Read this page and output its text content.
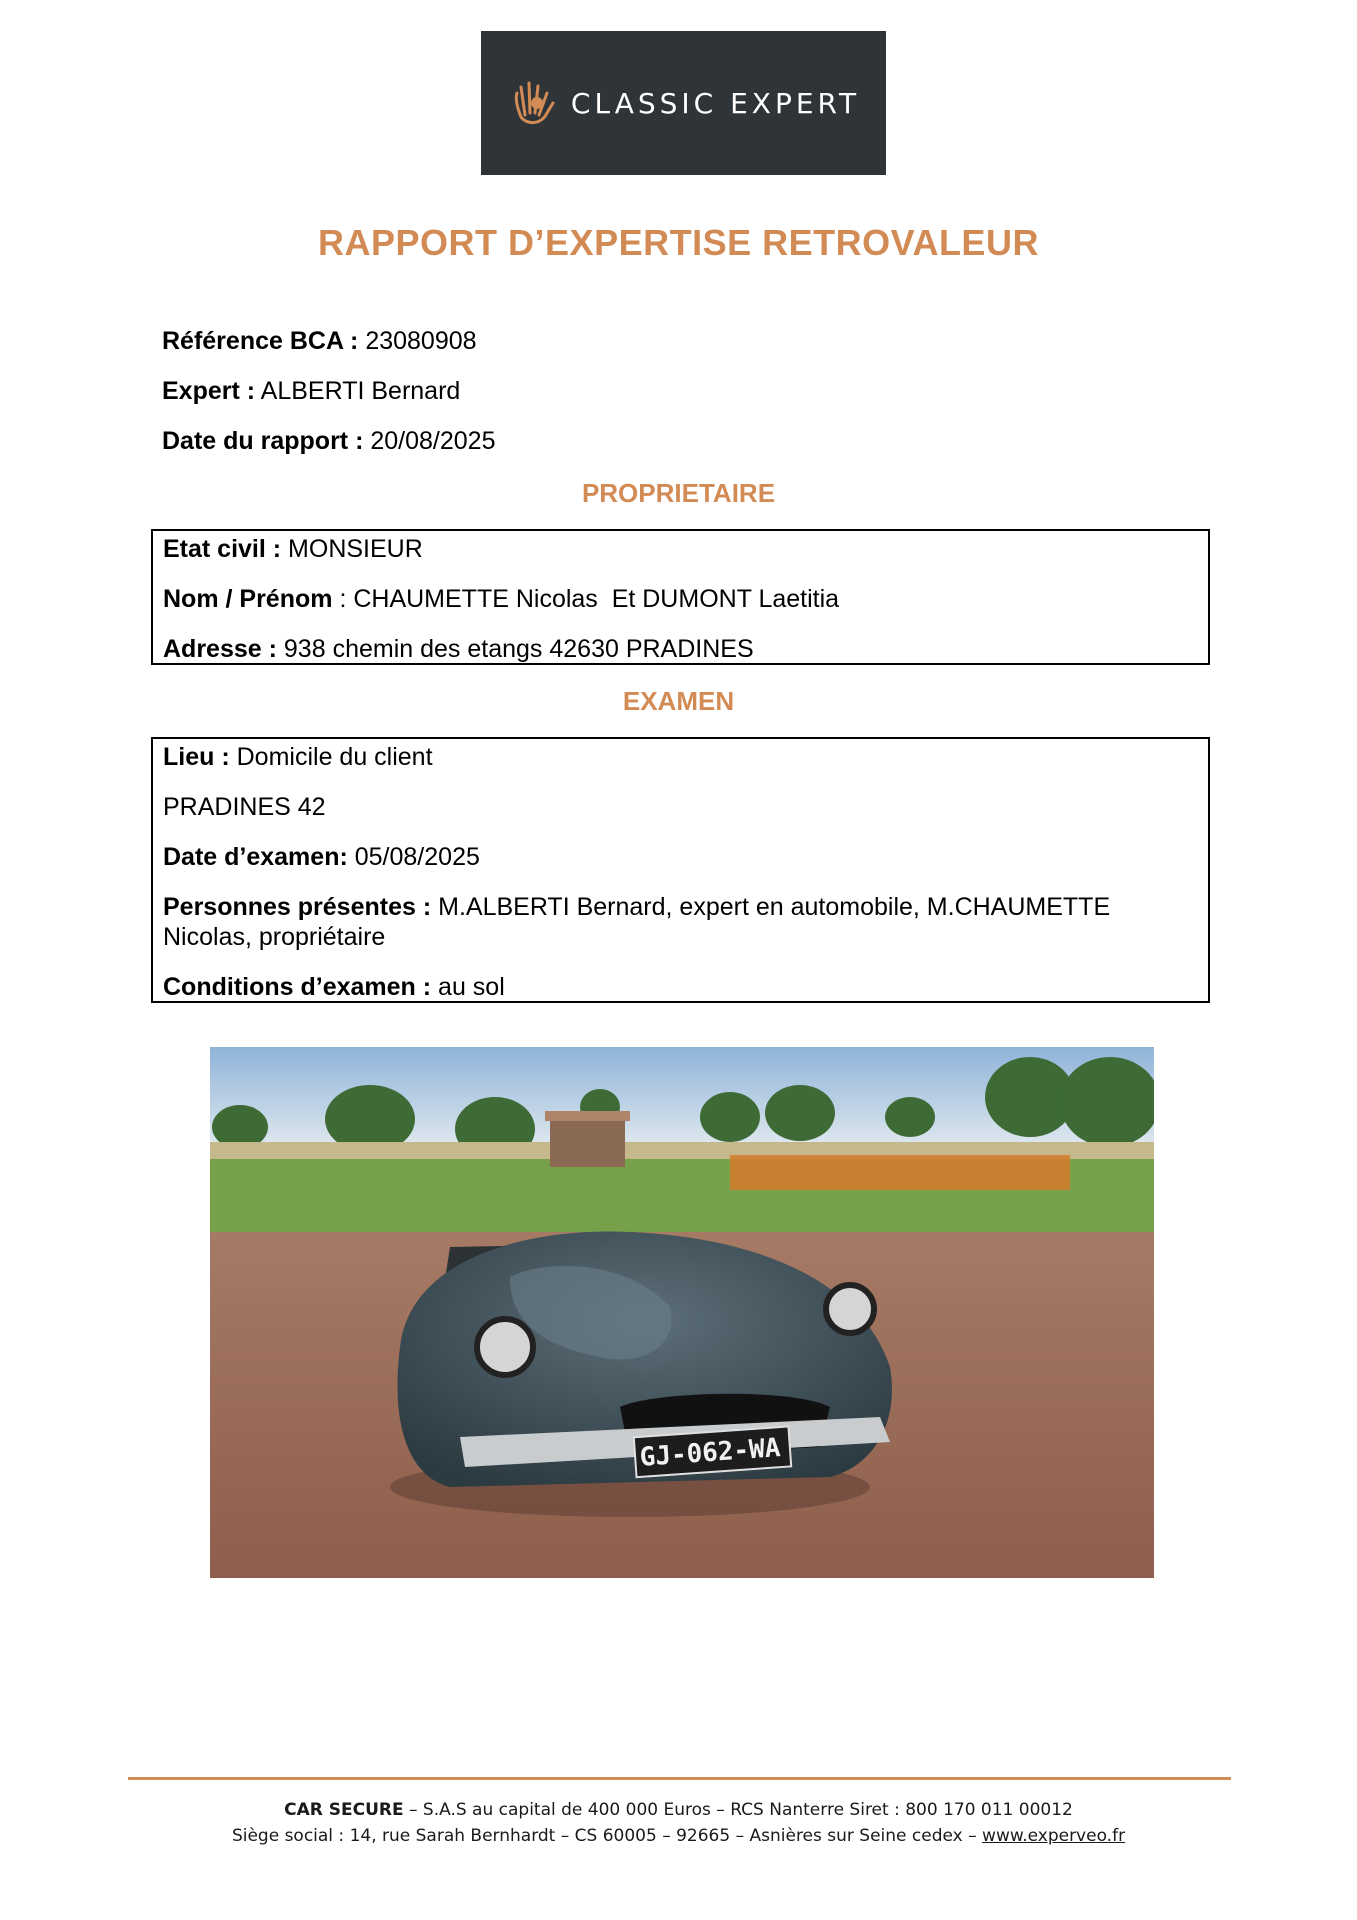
CLASSIC EXPERT
RAPPORT D’EXPERTISE RETROVALEUR
Référence BCA : 23080908
Expert : ALBERTI Bernard
Date du rapport : 20/08/2025
PROPRIETAIRE
Etat civil : MONSIEUR
Nom / Prénom : CHAUMETTE Nicolas  Et DUMONT Laetitia
Adresse : 938 chemin des etangs 42630 PRADINES
EXAMEN
Lieu : Domicile du client
PRADINES 42
Date d’examen: 05/08/2025
Personnes présentes : M.ALBERTI Bernard, expert en automobile, M.CHAUMETTE
Nicolas, propriétaire
Conditions d’examen : au sol
GJ-062-WA
CAR SECURE – S.A.S au capital de 400 000 Euros – RCS Nanterre Siret : 800 170 011 00012
Siège social : 14, rue Sarah Bernhardt – CS 60005 – 92665 – Asnières sur Seine cedex – www.experveo.fr
